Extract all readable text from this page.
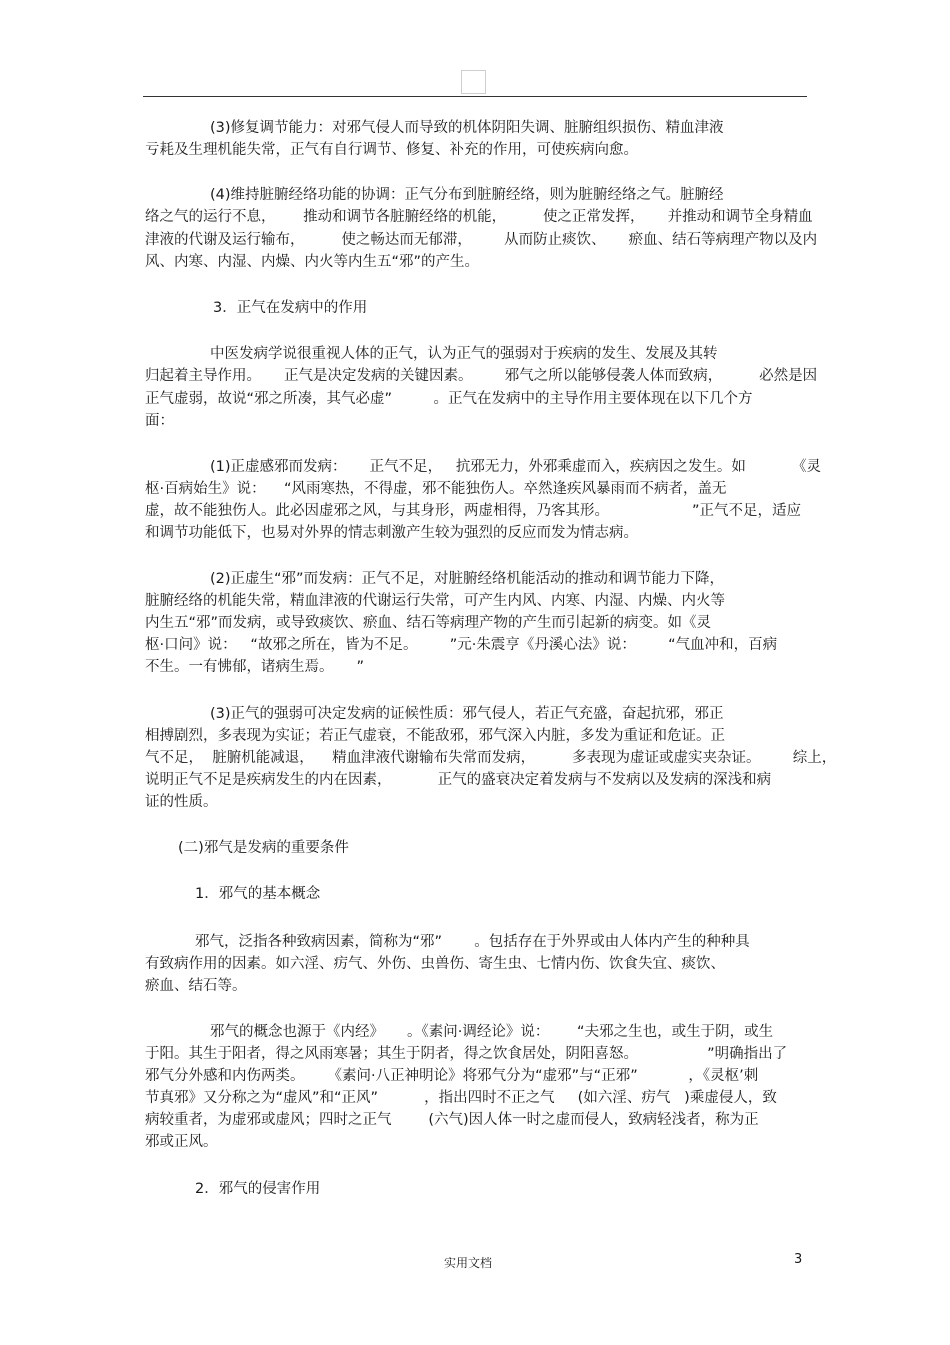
(3)修复调节能力：对邪气侵人而导致的机体阴阳失调、脏腑组织损伤、精血津液
亏耗及生理机能失常，正气有自行调节、修复、补充的作用，可使疾病向愈。
(4)维持脏腑经络功能的协调：正气分布到脏腑经络，则为脏腑经络之气。脏腑经
络之气的运行不息，      推动和调节各脏腑经络的机能，        使之正常发挥，     并推动和调节全身精血
津液的代谢及运行输布，        使之畅达而无郁滞，       从而防止痰饮、     瘀血、结石等病理产物以及内
风、内寒、内湿、内燥、内火等内生五“邪”的产生。
3．正气在发病中的作用
中医发病学说很重视人体的正气，认为正气的强弱对于疾病的发生、发展及其转
归起着主导作用。     正气是决定发病的关键因素。       邪气之所以能够侵袭人体而致病，        必然是因
正气虚弱，故说“邪之所凑，其气必虚”         。正气在发病中的主导作用主要体现在以下几个方
面：
(1)正虚感邪而发病：     正气不足，   抗邪无力，外邪乘虚而入，疾病因之发生。如          《灵
枢·百病始生》说：    “风雨寒热，不得虚，邪不能独伤人。卒然逢疾风暴雨而不病者，盖无
虚，故不能独伤人。此必因虚邪之风，与其身形，两虚相得，乃客其形。                  ”正气不足，适应
和调节功能低下，也易对外界的情志刺激产生较为强烈的反应而发为情志病。
(2)正虚生“邪”而发病：正气不足，对脏腑经络机能活动的推动和调节能力下降，
脏腑经络的机能失常，精血津液的代谢运行失常，可产生内风、内寒、内湿、内燥、内火等
内生五“邪”而发病，或导致痰饮、瘀血、结石等病理产物的产生而引起新的病变。如《灵
枢·口问》说：   “故邪之所在，皆为不足。       ”元·朱震亨《丹溪心法》说：       “气血冲和，百病
不生。一有怫郁，诸病生焉。     ”
(3)正气的强弱可决定发病的证候性质：邪气侵人，若正气充盛，奋起抗邪，邪正
相搏剧烈，多表现为实证；若正气虚衰，不能敌邪，邪气深入内脏，多发为重证和危证。正
气不足，  脏腑机能减退，    精血津液代谢输布失常而发病，        多表现为虚证或虚实夹杂证。       综上，
说明正气不足是疾病发生的内在因素，          正气的盛衰决定着发病与不发病以及发病的深浅和病
证的性质。
(二)邪气是发病的重要条件
1．邪气的基本概念
邪气，泛指各种致病因素，简称为“邪”       。包括存在于外界或由人体内产生的种种具
有致病作用的因素。如六淫、疠气、外伤、虫兽伤、寄生虫、七情内伤、饮食失宜、痰饮、
瘀血、结石等。
邪气的概念也源于《内经》     。《素问·调经论》说：      “夫邪之生也，或生于阴，或生
于阳。其生于阳者，得之风雨寒暑；其生于阴者，得之饮食居处，阴阳喜怒。               ”明确指出了
邪气分外感和内伤两类。     《素问·八正神明论》将邪气分为“虚邪”与“正邪”           ，《灵枢’刺
节真邪》又分称之为“虚风”和“正风”          ，指出四时不正之气     (如六淫、疠气   )乘虚侵人，致
病较重者，为虚邪或虚风；四时之正气        (六气)因人体一时之虚而侵人，致病轻浅者，称为正
邪或正风。
2．邪气的侵害作用
实用文档	3
